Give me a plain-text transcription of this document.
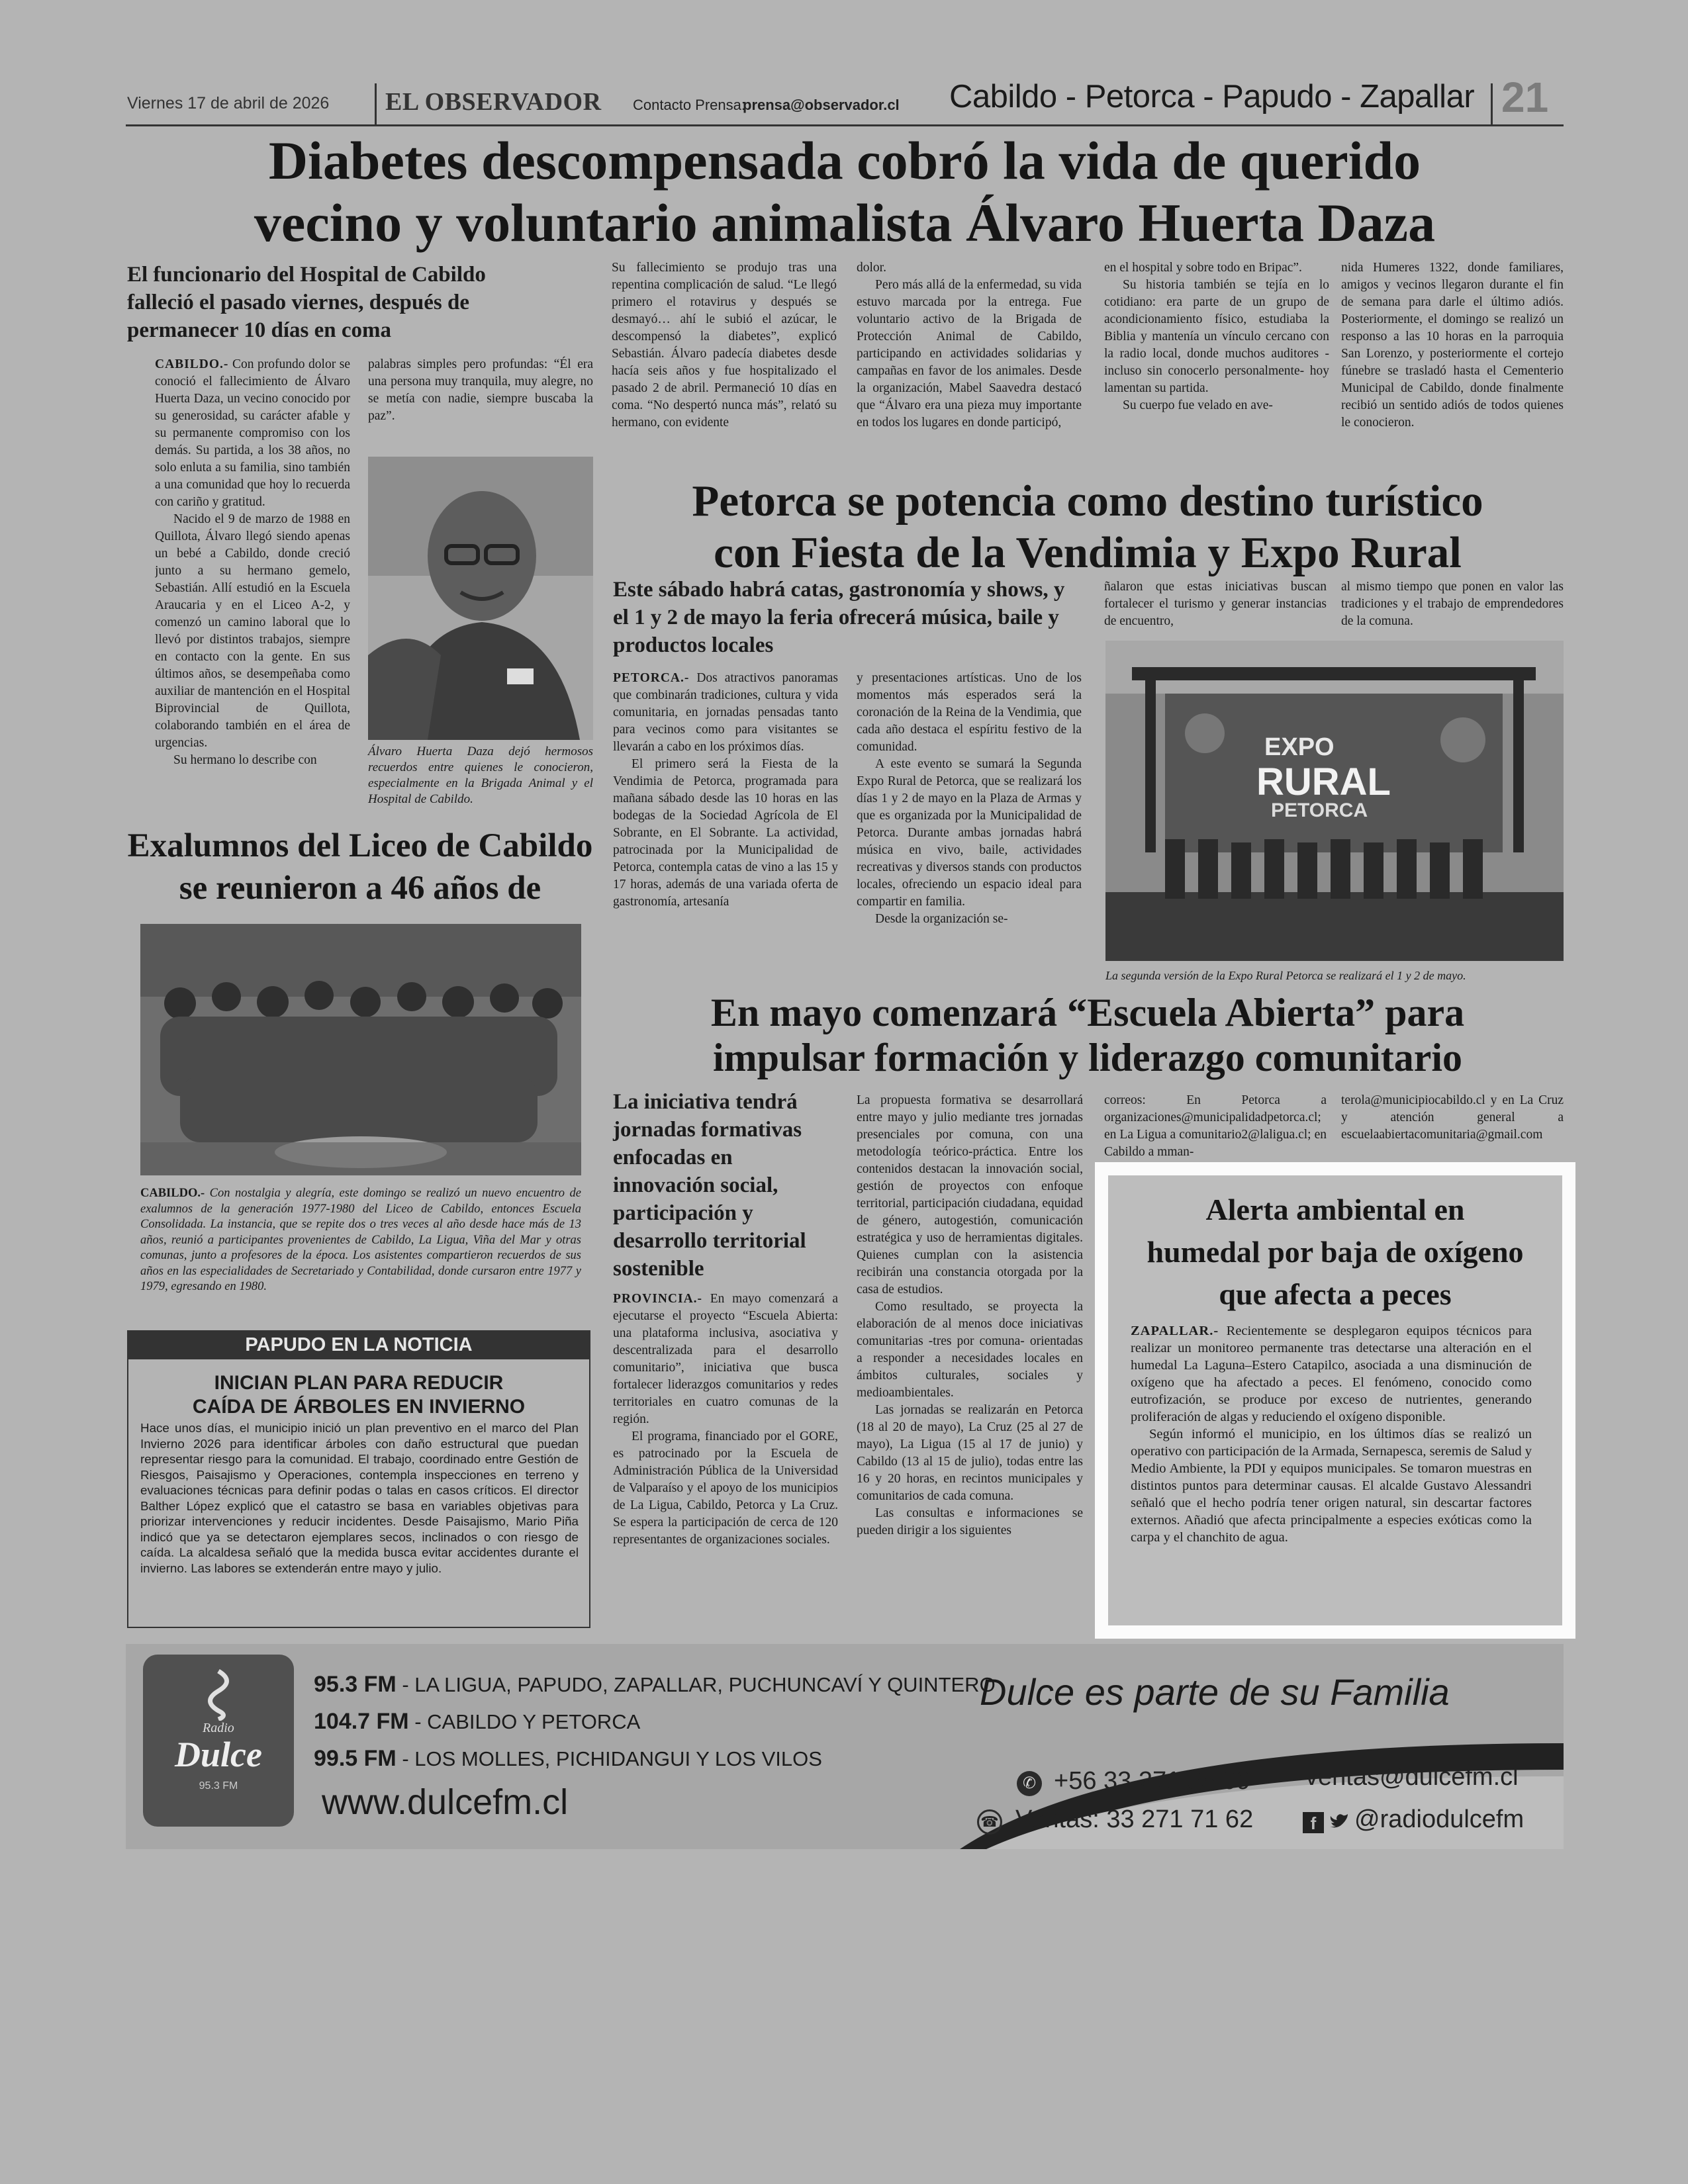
Viernes 17 de abril de 2026 EL OBSERVADOR Contacto Prensa:
prensa@observador.cl Cabildo - Petorca - Papudo - Zapallar 21
Diabetes descompensada cobró la vida de querido
vecino y voluntario animalista Álvaro Huerta Daza
El funcionario del Hospital de Cabildo falleció el pasado viernes, después de permanecer 10 días en coma

CABILDO.- Con profundo dolor se conoció el fallecimiento de Álvaro Huerta Daza, un vecino conocido por su generosidad, su carácter afable y su permanente compromiso con los demás. Su partida, a los 38 años, no solo enluta a su familia, sino también a una comunidad que hoy lo recuerda con cariño y gratitud.

Nacido el 9 de marzo de 1988 en Quillota, Álvaro llegó siendo apenas un bebé a Cabildo, donde creció junto a su hermano gemelo, Sebastián. Allí estudió en la Escuela Araucaria y en el Liceo A-2, y comenzó un camino laboral que lo llevó por distintos trabajos, siempre en contacto con la gente. En sus últimos años, se desempeñaba como auxiliar de mantención en el Hospital Biprovincial de Quillota, colaborando también en el área de urgencias.

Su hermano lo describe con

palabras simples pero profundas: “Él era una persona muy tranquila, muy alegre, no se metía con nadie, siempre buscaba la paz”.

Álvaro Huerta Daza dejó hermosos recuerdos entre quienes le conocieron, especialmente en la Brigada Animal y el Hospital de Cabildo.

Su fallecimiento se produjo tras una repentina complicación de salud. “Le llegó primero el rotavirus y después se desmayó… ahí le subió el azúcar, le descompensó la diabetes”, explicó Sebastián. Álvaro padecía diabetes desde hacía seis años y fue hospitalizado el pasado 2 de abril. Permaneció 10 días en coma. “No despertó nunca más”, relató su hermano, con evidente

dolor.

Pero más allá de la enfermedad, su vida estuvo marcada por la entrega. Fue voluntario activo de la Brigada de Protección Animal de Cabildo, participando en actividades solidarias y campañas en favor de los animales. Desde la organización, Mabel Saavedra destacó que “Álvaro era una pieza muy importante en todos los lugares en donde participó,

en el hospital y sobre todo en Bripac”.

Su historia también se tejía en lo cotidiano: era parte de un grupo de acondicionamiento físico, estudiaba la Biblia y mantenía un vínculo cercano con la radio local, donde muchos auditores -incluso sin conocerlo personalmente- hoy lamentan su partida.

Su cuerpo fue velado en ave-

nida Humeres 1322, donde familiares, amigos y vecinos llegaron durante el fin de semana para darle el último adiós. Posteriormente, el domingo se realizó un responso a las 10 horas en la parroquia San Lorenzo, y posteriormente el cortejo fúnebre se trasladó hasta el Cementerio Municipal de Cabildo, donde finalmente recibió un sentido adiós de todos quienes le conocieron.

Exalumnos del Liceo de Cabildo
se reunieron a 46 años de
CABILDO.- Con nostalgia y alegría, este domingo se realizó un nuevo encuentro de exalumnos de la generación 1977-1980 del Liceo de Cabildo, entonces Escuela Consolidada. La instancia, que se repite dos o tres veces al año desde hace más de 13 años, reunió a participantes provenientes de Cabildo, La Ligua, Viña del Mar y otras comunas, junto a profesores de la época. Los asistentes compartieron recuerdos de sus años en las especialidades de Secretariado y Contabilidad, donde cursaron entre 1977 y 1979, egresando en 1980.
PAPUDO EN LA NOTICIA
INICIAN PLAN PARA REDUCIR
CAÍDA DE ÁRBOLES EN INVIERNO
Hace unos días, el municipio inició un plan preventivo en el marco del Plan Invierno 2026 para identificar árboles con daño estructural que puedan representar riesgo para la comunidad. El trabajo, coordinado entre Gestión de Riesgos, Paisajismo y Operaciones, contempla inspecciones en terreno y evaluaciones técnicas para definir podas o talas en casos críticos. El director Balther López explicó que el catastro se basa en variables objetivas para priorizar intervenciones y reducir incidentes. Desde Paisajismo, Mario Piña indicó que ya se detectaron ejemplares secos, inclinados o con riesgo de caída. La alcaldesa señaló que la medida busca evitar accidentes durante el invierno. Las labores se extenderán entre mayo y julio.
Petorca se potencia como destino turístico
con Fiesta de la Vendimia y Expo Rural
Este sábado habrá catas, gastronomía y shows, y el 1 y 2 de mayo la feria ofrecerá música, baile y productos locales

PETORCA.- Dos atractivos panoramas que combinarán tradiciones, cultura y vida comunitaria, en jornadas pensadas tanto para vecinos como para visitantes se llevarán a cabo en los próximos días.

El primero será la Fiesta de la Vendimia de Petorca, programada para mañana sábado desde las 10 horas en las bodegas de la Sociedad Agrícola de El Sobrante, en El Sobrante. La actividad, patrocinada por la Municipalidad de Petorca, contempla catas de vino a las 15 y 17 horas, además de una variada oferta de gastronomía, artesanía

y presentaciones artísticas. Uno de los momentos más esperados será la coronación de la Reina de la Vendimia, que cada año destaca el espíritu festivo de la comunidad.

A este evento se sumará la Segunda Expo Rural de Petorca, que se realizará los días 1 y 2 de mayo en la Plaza de Armas y que es organizada por la Municipalidad de Petorca. Durante ambas jornadas habrá música en vivo, baile, actividades recreativas y diversos stands con productos locales, ofreciendo un espacio ideal para compartir en familia.

Desde la organización se-

ñalaron que estas iniciativas buscan fortalecer el turismo y generar instancias de encuentro,

al mismo tiempo que ponen en valor las tradiciones y el trabajo de emprendedores de la comuna.

EXPO
RURAL
PETORCA
La segunda versión de la Expo Rural Petorca se realizará el 1 y 2 de mayo.
En mayo comenzará “Escuela Abierta” para
impulsar formación y liderazgo comunitario
La iniciativa tendrá jornadas formativas enfocadas en innovación social, participación y desarrollo territorial sostenible

PROVINCIA.- En mayo comenzará a ejecutarse el proyecto “Escuela Abierta: una plataforma inclusiva, asociativa y descentralizada para el desarrollo comunitario”, iniciativa que busca fortalecer liderazgos comunitarios y redes territoriales en cuatro comunas de la región.

El programa, financiado por el GORE, es patrocinado por la Escuela de Administración Pública de la Universidad de Valparaíso y el apoyo de los municipios de La Ligua, Cabildo, Petorca y La Cruz. Se espera la participación de cerca de 120 representantes de organizaciones sociales.

La propuesta formativa se desarrollará entre mayo y julio mediante tres jornadas presenciales por comuna, con una metodología teórico-práctica. Entre los contenidos destacan la innovación social, gestión de proyectos con enfoque territorial, participación ciudadana, equidad de género, autogestión, comunicación estratégica y uso de herramientas digitales. Quienes cumplan con la asistencia recibirán una constancia otorgada por la casa de estudios.

Como resultado, se proyecta la elaboración de al menos doce iniciativas comunitarias -tres por comuna- orientadas a responder a necesidades locales en ámbitos culturales, sociales y medioambientales.

Las jornadas se realizarán en Petorca (18 al 20 de mayo), La Cruz (25 al 27 de mayo), La Ligua (15 al 17 de junio) y Cabildo (13 al 15 de julio), todas entre las 16 y 20 horas, en recintos municipales y comunitarios de cada comuna.

Las consultas e informaciones se pueden dirigir a los siguientes

correos: En Petorca a organizaciones@municipalidadpetorca.cl; en La Ligua a comunitario2@laligua.cl; en Cabildo a mman-

terola@municipiocabildo.cl y en La Cruz y atención general a escuelaabiertacomunitaria@gmail.com

Alerta ambiental en
humedal por baja de oxígeno
que afecta a peces

ZAPALLAR.- Recientemente se desplegaron equipos técnicos para realizar un monitoreo permanente tras detectarse una alteración en el humedal La Laguna–Estero Catapilco, asociada a una disminución de oxígeno que ha afectado a peces. El fenómeno, conocido como eutrofización, se produce por exceso de nutrientes, generando proliferación de algas y reduciendo el oxígeno disponible.

Según informó el municipio, en los últimos días se realizó un operativo con participación de la Armada, Sernapesca, seremis de Salud y Medio Ambiente, la PDI y equipos municipales. Se tomaron muestras en distintos puntos para determinar causas. El alcalde Gustavo Alessandri señaló que el hecho podría tener origen natural, sin descartar factores externos. Añadió que afecta principalmente a especies exóticas como la carpa y el chanchito de agua.

Radio
Dulce
95.3 FM
95.3 FM - LA LIGUA, PAPUDO, ZAPALLAR, PUCHUNCAVÍ Y QUINTERO
104.7 FM - CABILDO Y PETORCA
99.5 FM - LOS MOLLES, PICHIDANGUI Y LOS VILOS
www.dulcefm.cl
Dulce es parte de su Familia
✆ +56 33 271 55 09
☎ Ventas: 33 271 71 62
ventas@dulcefm.cl
f	@radiodulcefm
